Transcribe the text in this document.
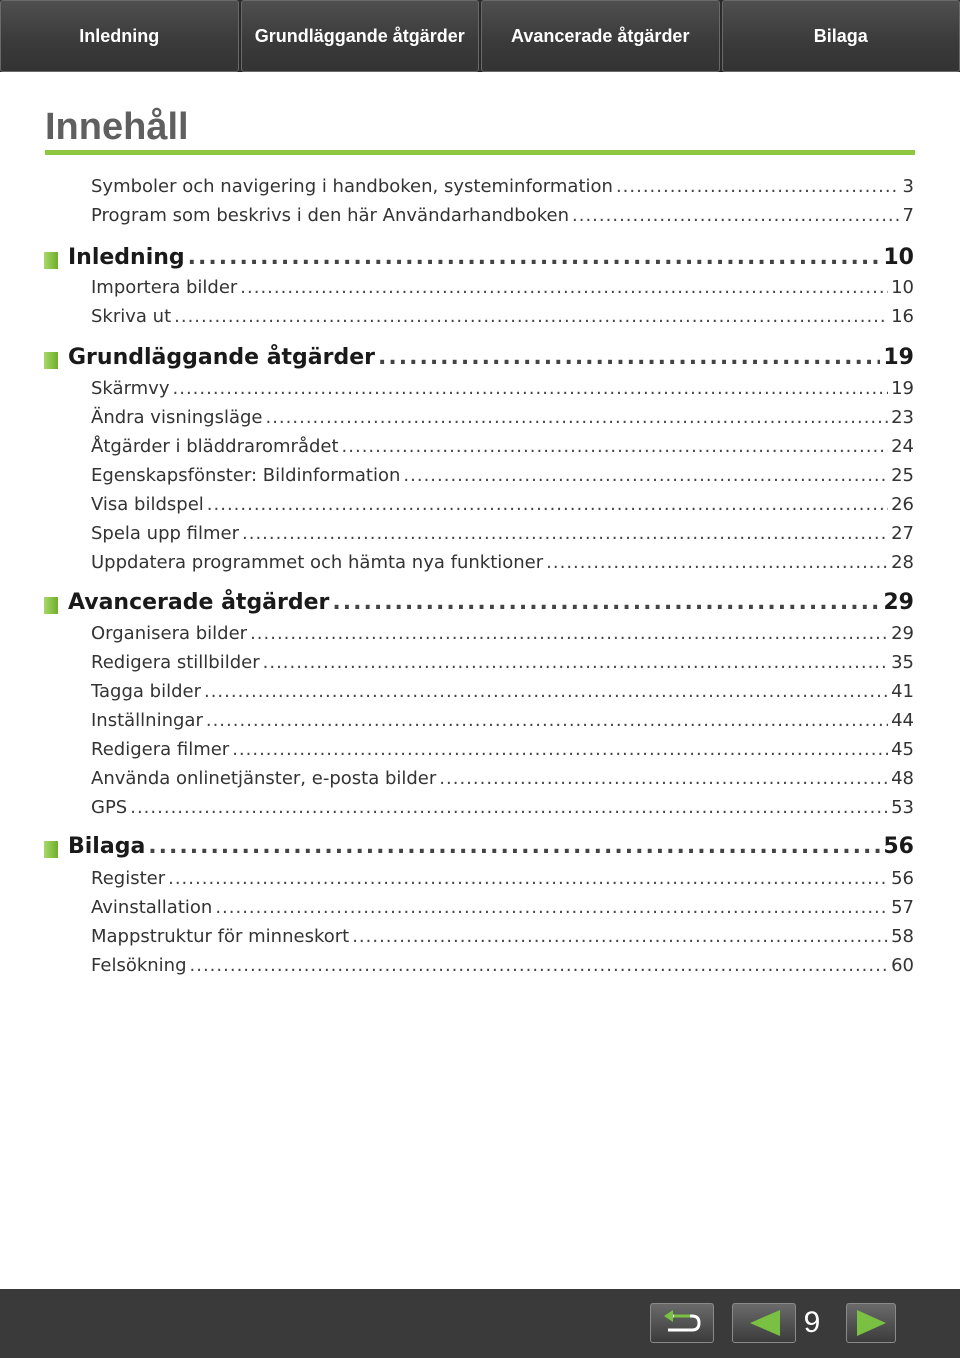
Inledning	Grundläggande åtgärder	Avancerade åtgärder	Bilaga
Innehåll
Symboler och navigering i handboken, systeminformation .....	3
Program som beskrivs i den här Användarhandboken .....	7
Inledning .....	10
Importera bilder .....	10
Skriva ut .....	16
Grundläggande åtgärder .....	19
Skärmvy .....	19
Ändra visningsläge .....	23
Åtgärder i bläddrarområdet .....	24
Egenskapsfönster: Bildinformation .....	25
Visa bildspel .....	26
Spela upp filmer .....	27
Uppdatera programmet och hämta nya funktioner .....	28
Avancerade åtgärder .....	29
Organisera bilder .....	29
Redigera stillbilder .....	35
Tagga bilder .....	41
Inställningar .....	44
Redigera filmer .....	45
Använda onlinetjänster, e-posta bilder .....	48
GPS .....	53
Bilaga .....	56
Register .....	56
Avinstallation .....	57
Mappstruktur för minneskort .....	58
Felsökning .....	60
9
